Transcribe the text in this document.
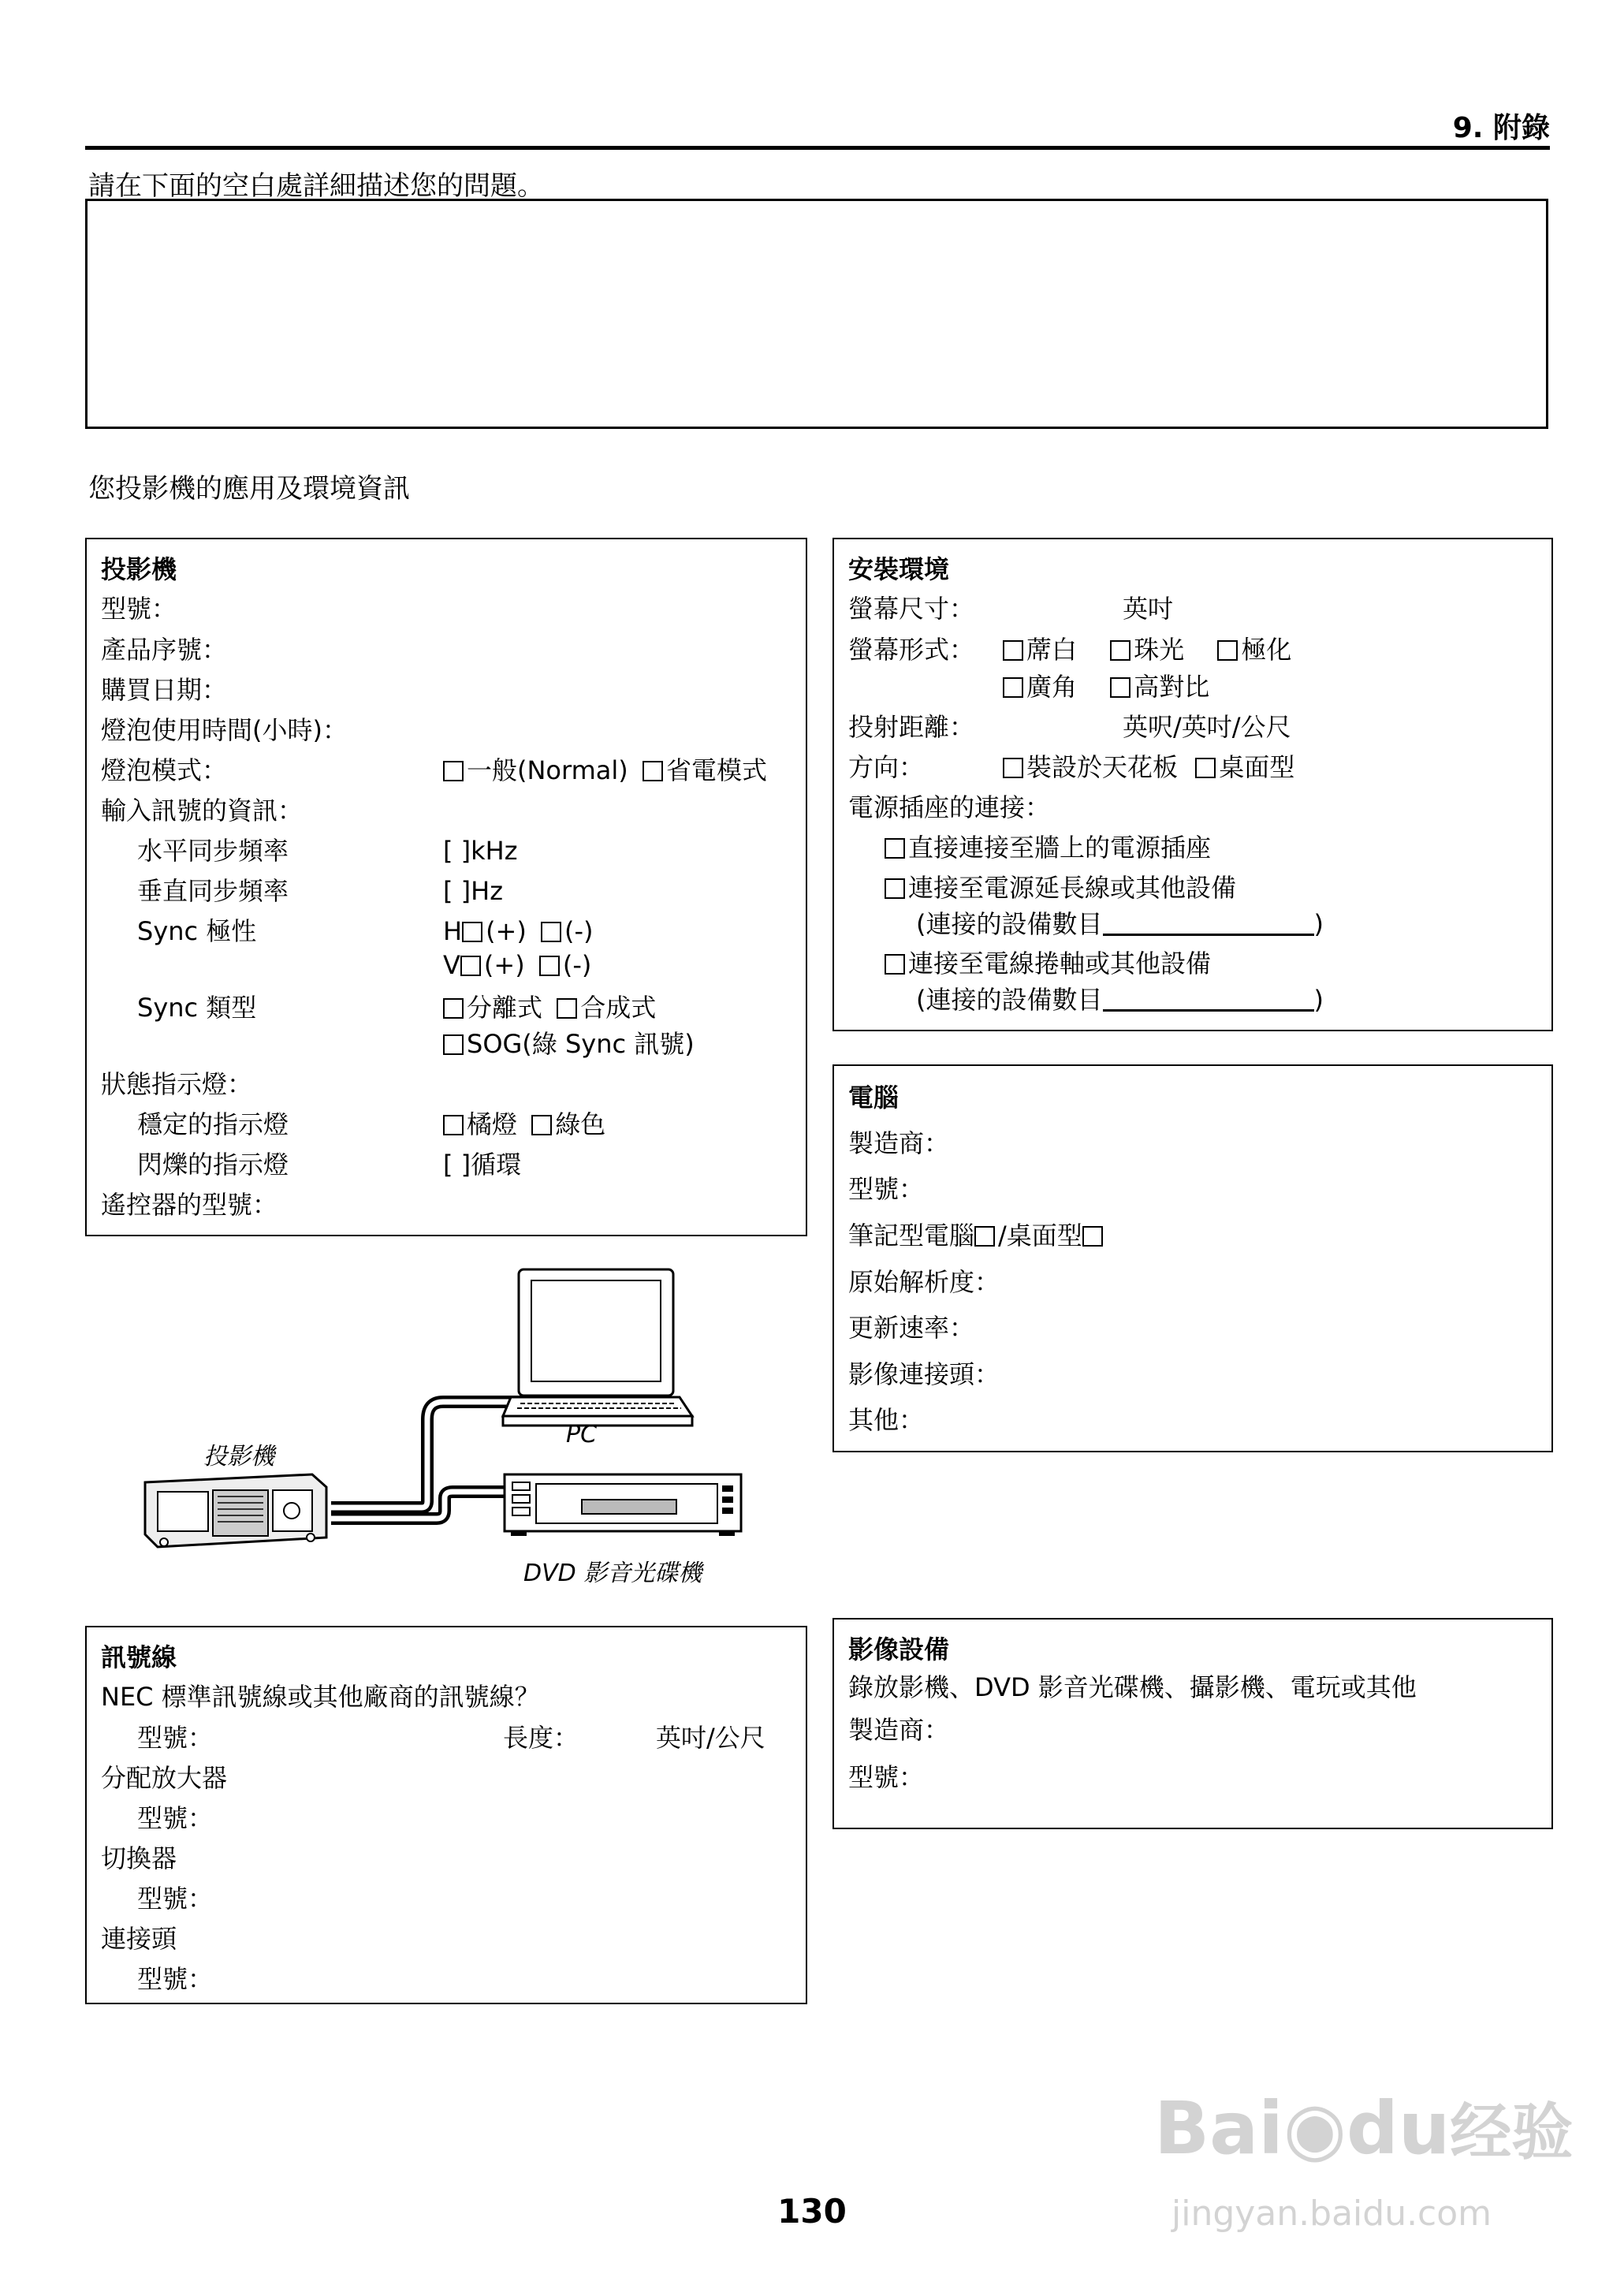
9. 附錄
請在下面的空白處詳細描述您的問題。
您投影機的應用及環境資訊
投影機
型號：
產品序號：
購買日期：
燈泡使用時間(小時)：
燈泡模式：	一般(Normal) 省電模式
輸入訊號的資訊：
水平同步頻率	[ ]kHz
垂直同步頻率	[ ]Hz
Sync 極性	H (+) (-)
V (+) (-)
Sync 類型	分離式 合成式
SOG(綠 Sync 訊號)
狀態指示燈：
穩定的指示燈	橘燈 綠色
閃爍的指示燈	[ ]循環
遙控器的型號：
安裝環境
螢幕尺寸：	英吋
螢幕形式：	蓆白 珠光 極化
廣角 高對比
投射距離：	英呎/英吋/公尺
方向：	裝設於天花板 桌面型
電源插座的連接：
直接連接至牆上的電源插座
連接至電源延長線或其他設備
(連接的設備數目	)
連接至電線捲軸或其他設備
(連接的設備數目	)
電腦
製造商：
型號：
筆記型電腦 /桌面型
原始解析度：
更新速率：
影像連接頭：
其他：
投影機
PC
DVD 影音光碟機
訊號線
NEC 標準訊號線或其他廠商的訊號線？
型號：	長度：	英吋/公尺
分配放大器
型號：
切換器
型號：
連接頭
型號：
影像設備
錄放影機、DVD 影音光碟機、攝影機、電玩或其他
製造商：
型號：
Bai◉du经验
jingyan.baidu.com
130
